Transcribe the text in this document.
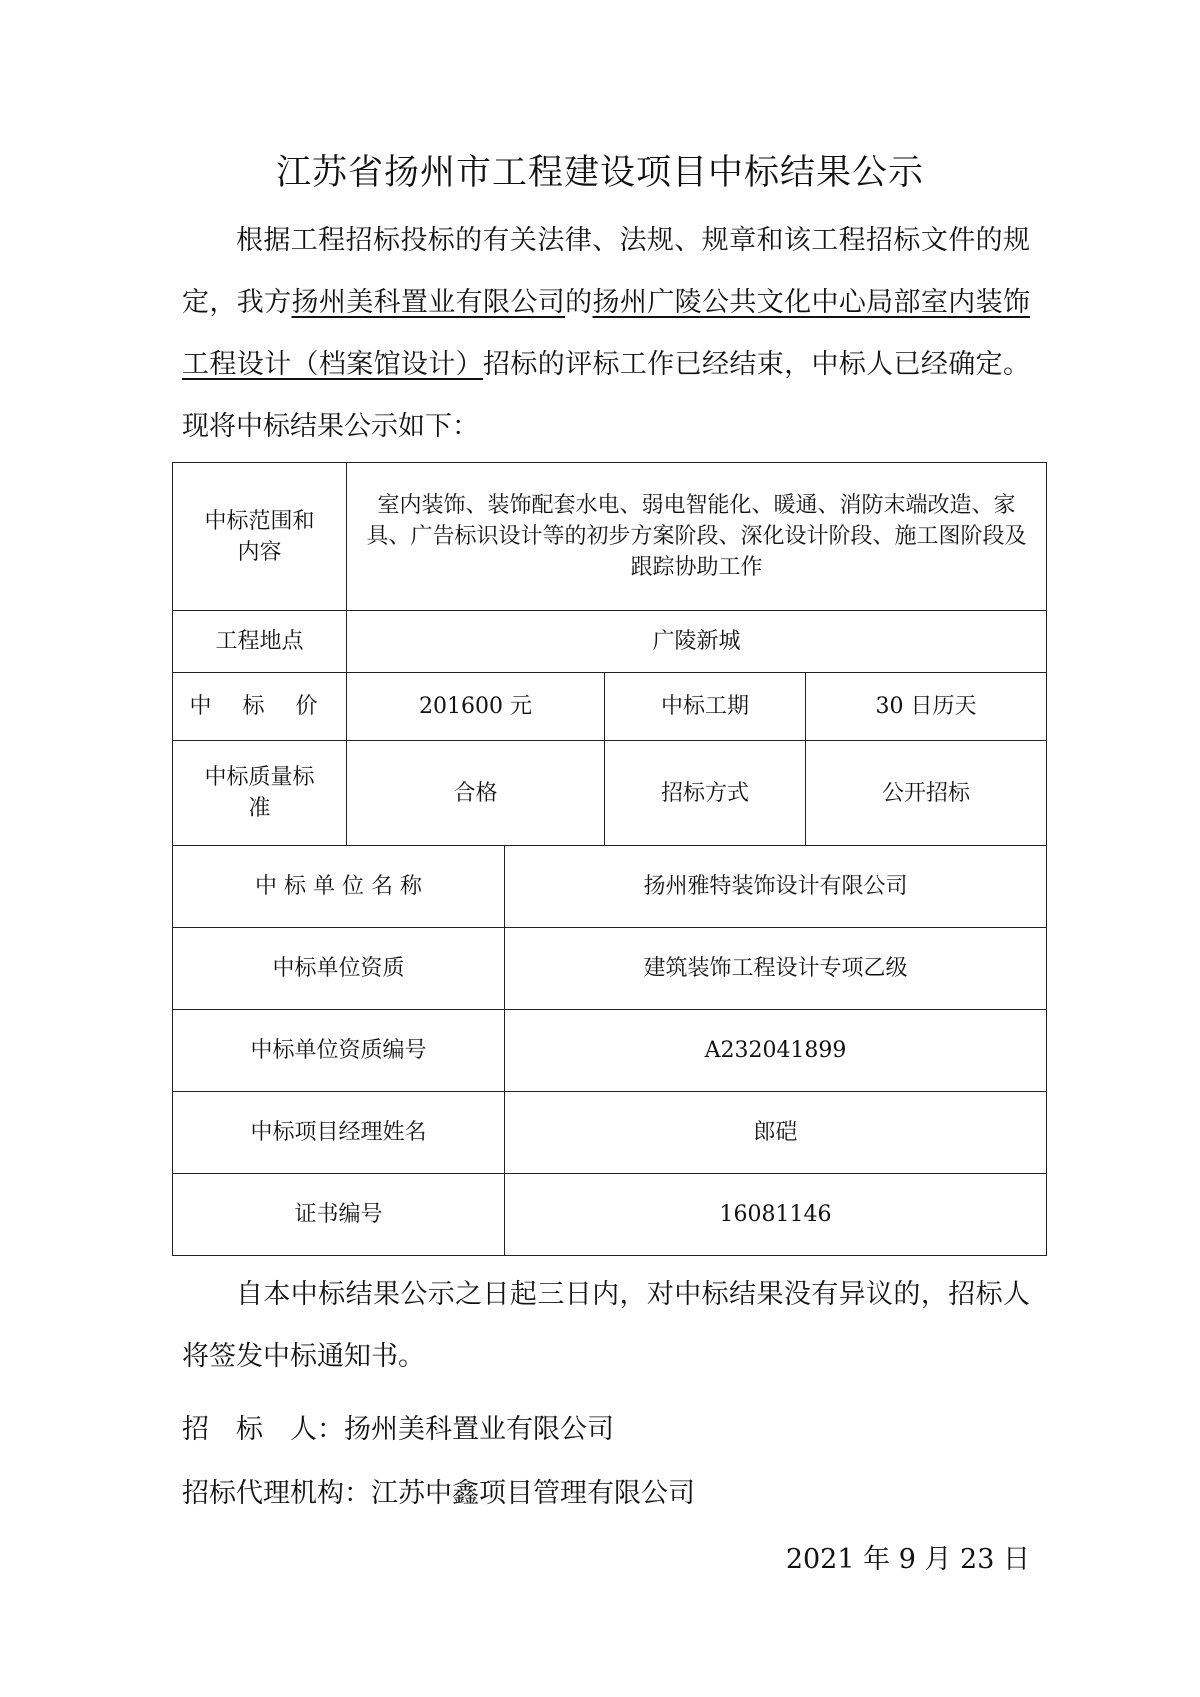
江苏省扬州市工程建设项目中标结果公示

根据工程招标投标的有关法律、法规、规章和该工程招标文件的规定，我方扬州美科置业有限公司的扬州广陵公共文化中心局部室内装饰工程设计（档案馆设计）招标的评标工作已经结束，中标人已经确定。现将中标结果公示如下：

中标范围和内容	室内装饰、装饰配套水电、弱电智能化、暖通、消防末端改造、家具、广告标识设计等的初步方案阶段、深化设计阶段、施工图阶段及跟踪协助工作			
工程地点	广陵新城			
中 标 价	201600 元		中标工期	30 日历天
中标质量标准	合格		招标方式	公开招标
中 标 单 位 名 称		扬州雅特装饰设计有限公司		
中标单位资质		建筑装饰工程设计专项乙级		
中标单位资质编号		A232041899		
中标项目经理姓名		郎硙		
证书编号		16081146		

自本中标结果公示之日起三日内，对中标结果没有异议的，招标人将签发中标通知书。

招　标　人：扬州美科置业有限公司

招标代理机构：江苏中鑫项目管理有限公司

2021 年 9 月 23 日
